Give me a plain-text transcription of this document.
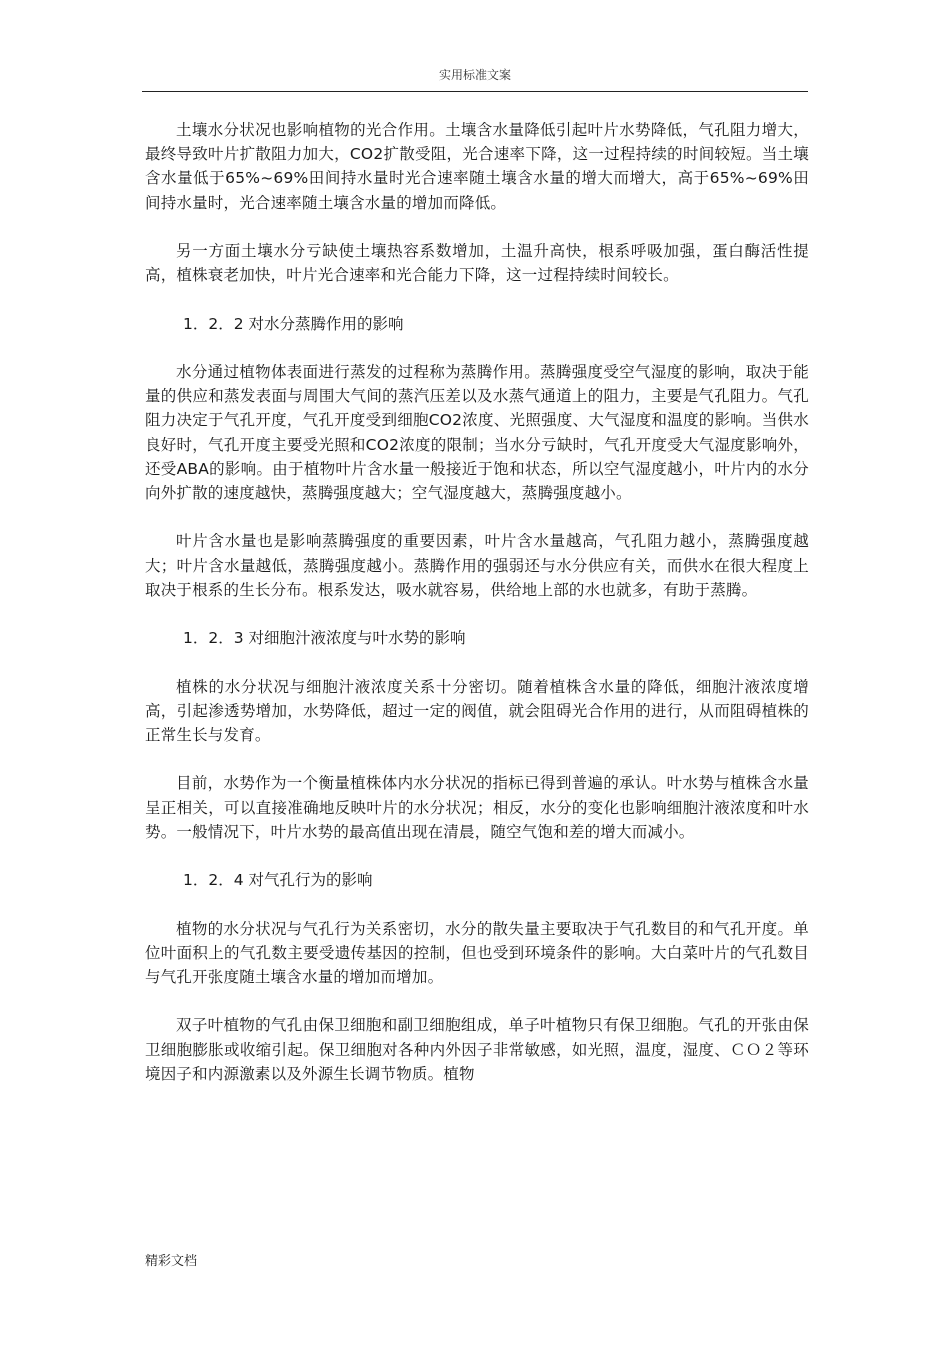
实用标准文案
土壤水分状况也影响植物的光合作用。土壤含水量降低引起叶片水势降低，气孔阻力增大，最终导致叶片扩散阻力加大，CO2扩散受阻，光合速率下降，这一过程持续的时间较短。当土壤含水量低于65%~69%田间持水量时光合速率随土壤含水量的增大而增大，高于65%~69%田间持水量时，光合速率随土壤含水量的增加而降低。
另一方面土壤水分亏缺使土壤热容系数增加，土温升高快，根系呼吸加强，蛋白酶活性提高，植株衰老加快，叶片光合速率和光合能力下降，这一过程持续时间较长。
1．2．2 对水分蒸腾作用的影响
水分通过植物体表面进行蒸发的过程称为蒸腾作用。蒸腾强度受空气湿度的影响，取决于能量的供应和蒸发表面与周围大气间的蒸汽压差以及水蒸气通道上的阻力，主要是气孔阻力。气孔阻力决定于气孔开度，气孔开度受到细胞CO2浓度、光照强度、大气湿度和温度的影响。当供水良好时，气孔开度主要受光照和CO2浓度的限制；当水分亏缺时，气孔开度受大气湿度影响外，还受ABA的影响。由于植物叶片含水量一般接近于饱和状态，所以空气湿度越小，叶片内的水分向外扩散的速度越快，蒸腾强度越大；空气湿度越大，蒸腾强度越小。
叶片含水量也是影响蒸腾强度的重要因素，叶片含水量越高，气孔阻力越小，蒸腾强度越大；叶片含水量越低，蒸腾强度越小。蒸腾作用的强弱还与水分供应有关，而供水在很大程度上取决于根系的生长分布。根系发达，吸水就容易，供给地上部的水也就多，有助于蒸腾。
1．2．3 对细胞汁液浓度与叶水势的影响
植株的水分状况与细胞汁液浓度关系十分密切。随着植株含水量的降低，细胞汁液浓度增高，引起渗透势增加，水势降低，超过一定的阀值，就会阻碍光合作用的进行，从而阻碍植株的正常生长与发育。
目前，水势作为一个衡量植株体内水分状况的指标已得到普遍的承认。叶水势与植株含水量呈正相关，可以直接准确地反映叶片的水分状况；相反，水分的变化也影响细胞汁液浓度和叶水势。一般情况下，叶片水势的最高值出现在清晨，随空气饱和差的增大而减小。
1．2．4 对气孔行为的影响
植物的水分状况与气孔行为关系密切，水分的散失量主要取决于气孔数目的和气孔开度。单位叶面积上的气孔数主要受遗传基因的控制，但也受到环境条件的影响。大白菜叶片的气孔数目与气孔开张度随土壤含水量的增加而增加。
双子叶植物的气孔由保卫细胞和副卫细胞组成，单子叶植物只有保卫细胞。气孔的开张由保卫细胞膨胀或收缩引起。保卫细胞对各种内外因子非常敏感，如光照，温度，湿度、ＣＯ２等环境因子和内源激素以及外源生长调节物质。植物
精彩文档
